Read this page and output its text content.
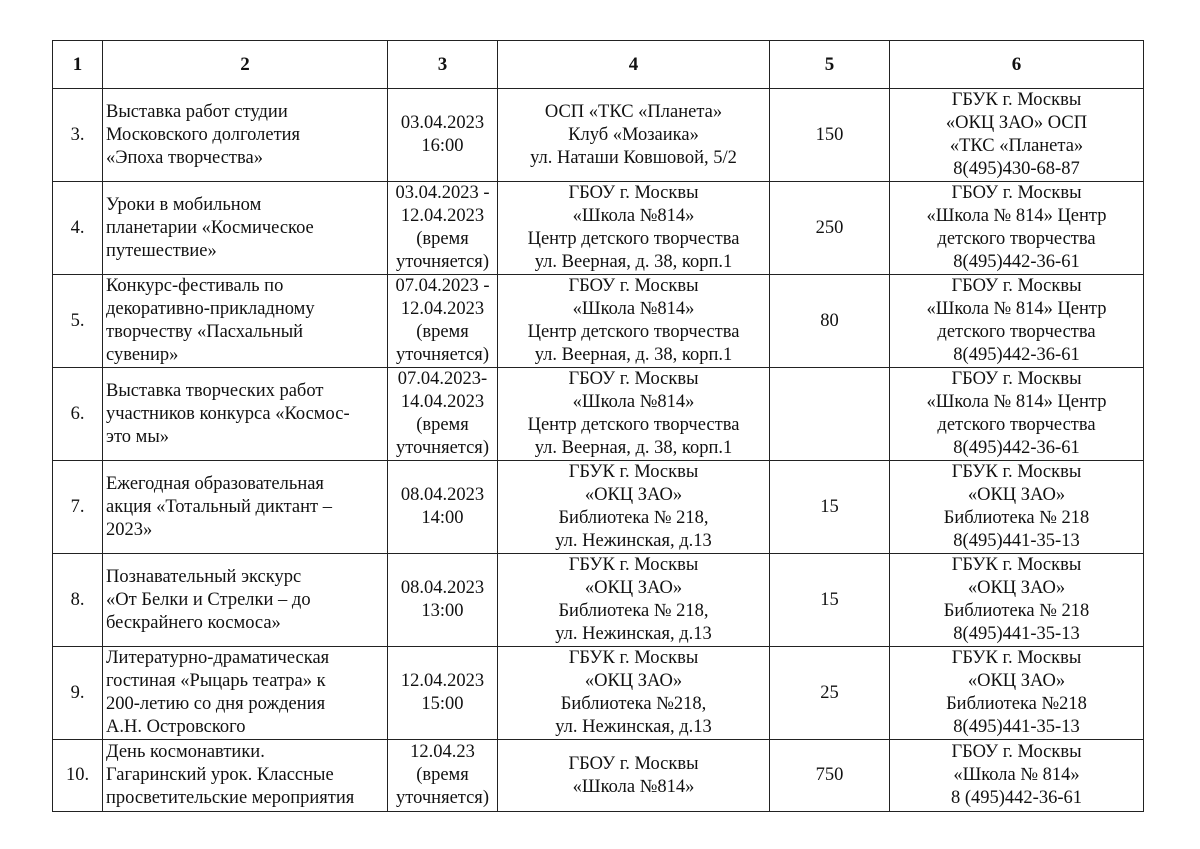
1	2	3	4	5	6
3.	Выставка работ студии
Московского долголетия
«Эпоха творчества»	03.04.2023
16:00	ОСП «ТКС «Планета»
Клуб «Мозаика»
ул. Наташи Ковшовой, 5/2	150	ГБУК г. Москвы
«ОКЦ ЗАО» ОСП
«ТКС «Планета»
8(495)430-68-87

4.	Уроки в мобильном
планетарии «Космическое
путешествие»	03.04.2023 -
12.04.2023
(время
уточняется)	ГБОУ г. Москвы
«Школа №814»
Центр детского творчества
ул. Веерная, д. 38, корп.1	250	ГБОУ г. Москвы
«Школа № 814» Центр
детского творчества
8(495)442-36-61

5.	Конкурс-фестиваль по
декоративно-прикладному
творчеству «Пасхальный
сувенир»	07.04.2023 -
12.04.2023
(время
уточняется)	ГБОУ г. Москвы
«Школа №814»
Центр детского творчества
ул. Веерная, д. 38, корп.1	80	ГБОУ г. Москвы
«Школа № 814» Центр
детского творчества
8(495)442-36-61

6.	Выставка творческих работ
участников конкурса «Космос-
это мы»	07.04.2023-
14.04.2023
(время
уточняется)	ГБОУ г. Москвы
«Школа №814»
Центр детского творчества
ул. Веерная, д. 38, корп.1		ГБОУ г. Москвы
«Школа № 814» Центр
детского творчества
8(495)442-36-61

7.	Ежегодная образовательная
акция «Тотальный диктант –
2023»	08.04.2023
14:00	ГБУК г. Москвы
«ОКЦ ЗАО»
Библиотека № 218,
ул. Нежинская, д.13	15	ГБУК г. Москвы
«ОКЦ ЗАО»
Библиотека № 218
8(495)441-35-13

8.	Познавательный экскурс
«От Белки и Стрелки – до
бескрайнего космоса»	08.04.2023
13:00	ГБУК г. Москвы
«ОКЦ ЗАО»
Библиотека № 218,
ул. Нежинская, д.13	15	ГБУК г. Москвы
«ОКЦ ЗАО»
Библиотека № 218
8(495)441-35-13

9.	Литературно-драматическая
гостиная «Рыцарь театра» к
200-летию со дня рождения
А.Н. Островского	12.04.2023
15:00	ГБУК г. Москвы
«ОКЦ ЗАО»
Библиотека №218,
ул. Нежинская, д.13	25	ГБУК г. Москвы
«ОКЦ ЗАО»
Библиотека №218
8(495)441-35-13

10.	День космонавтики.
Гагаринский урок. Классные
просветительские мероприятия	12.04.23
(время
уточняется)	ГБОУ г. Москвы
«Школа №814»	750	ГБОУ г. Москвы
«Школа № 814»
8 (495)442-36-61
